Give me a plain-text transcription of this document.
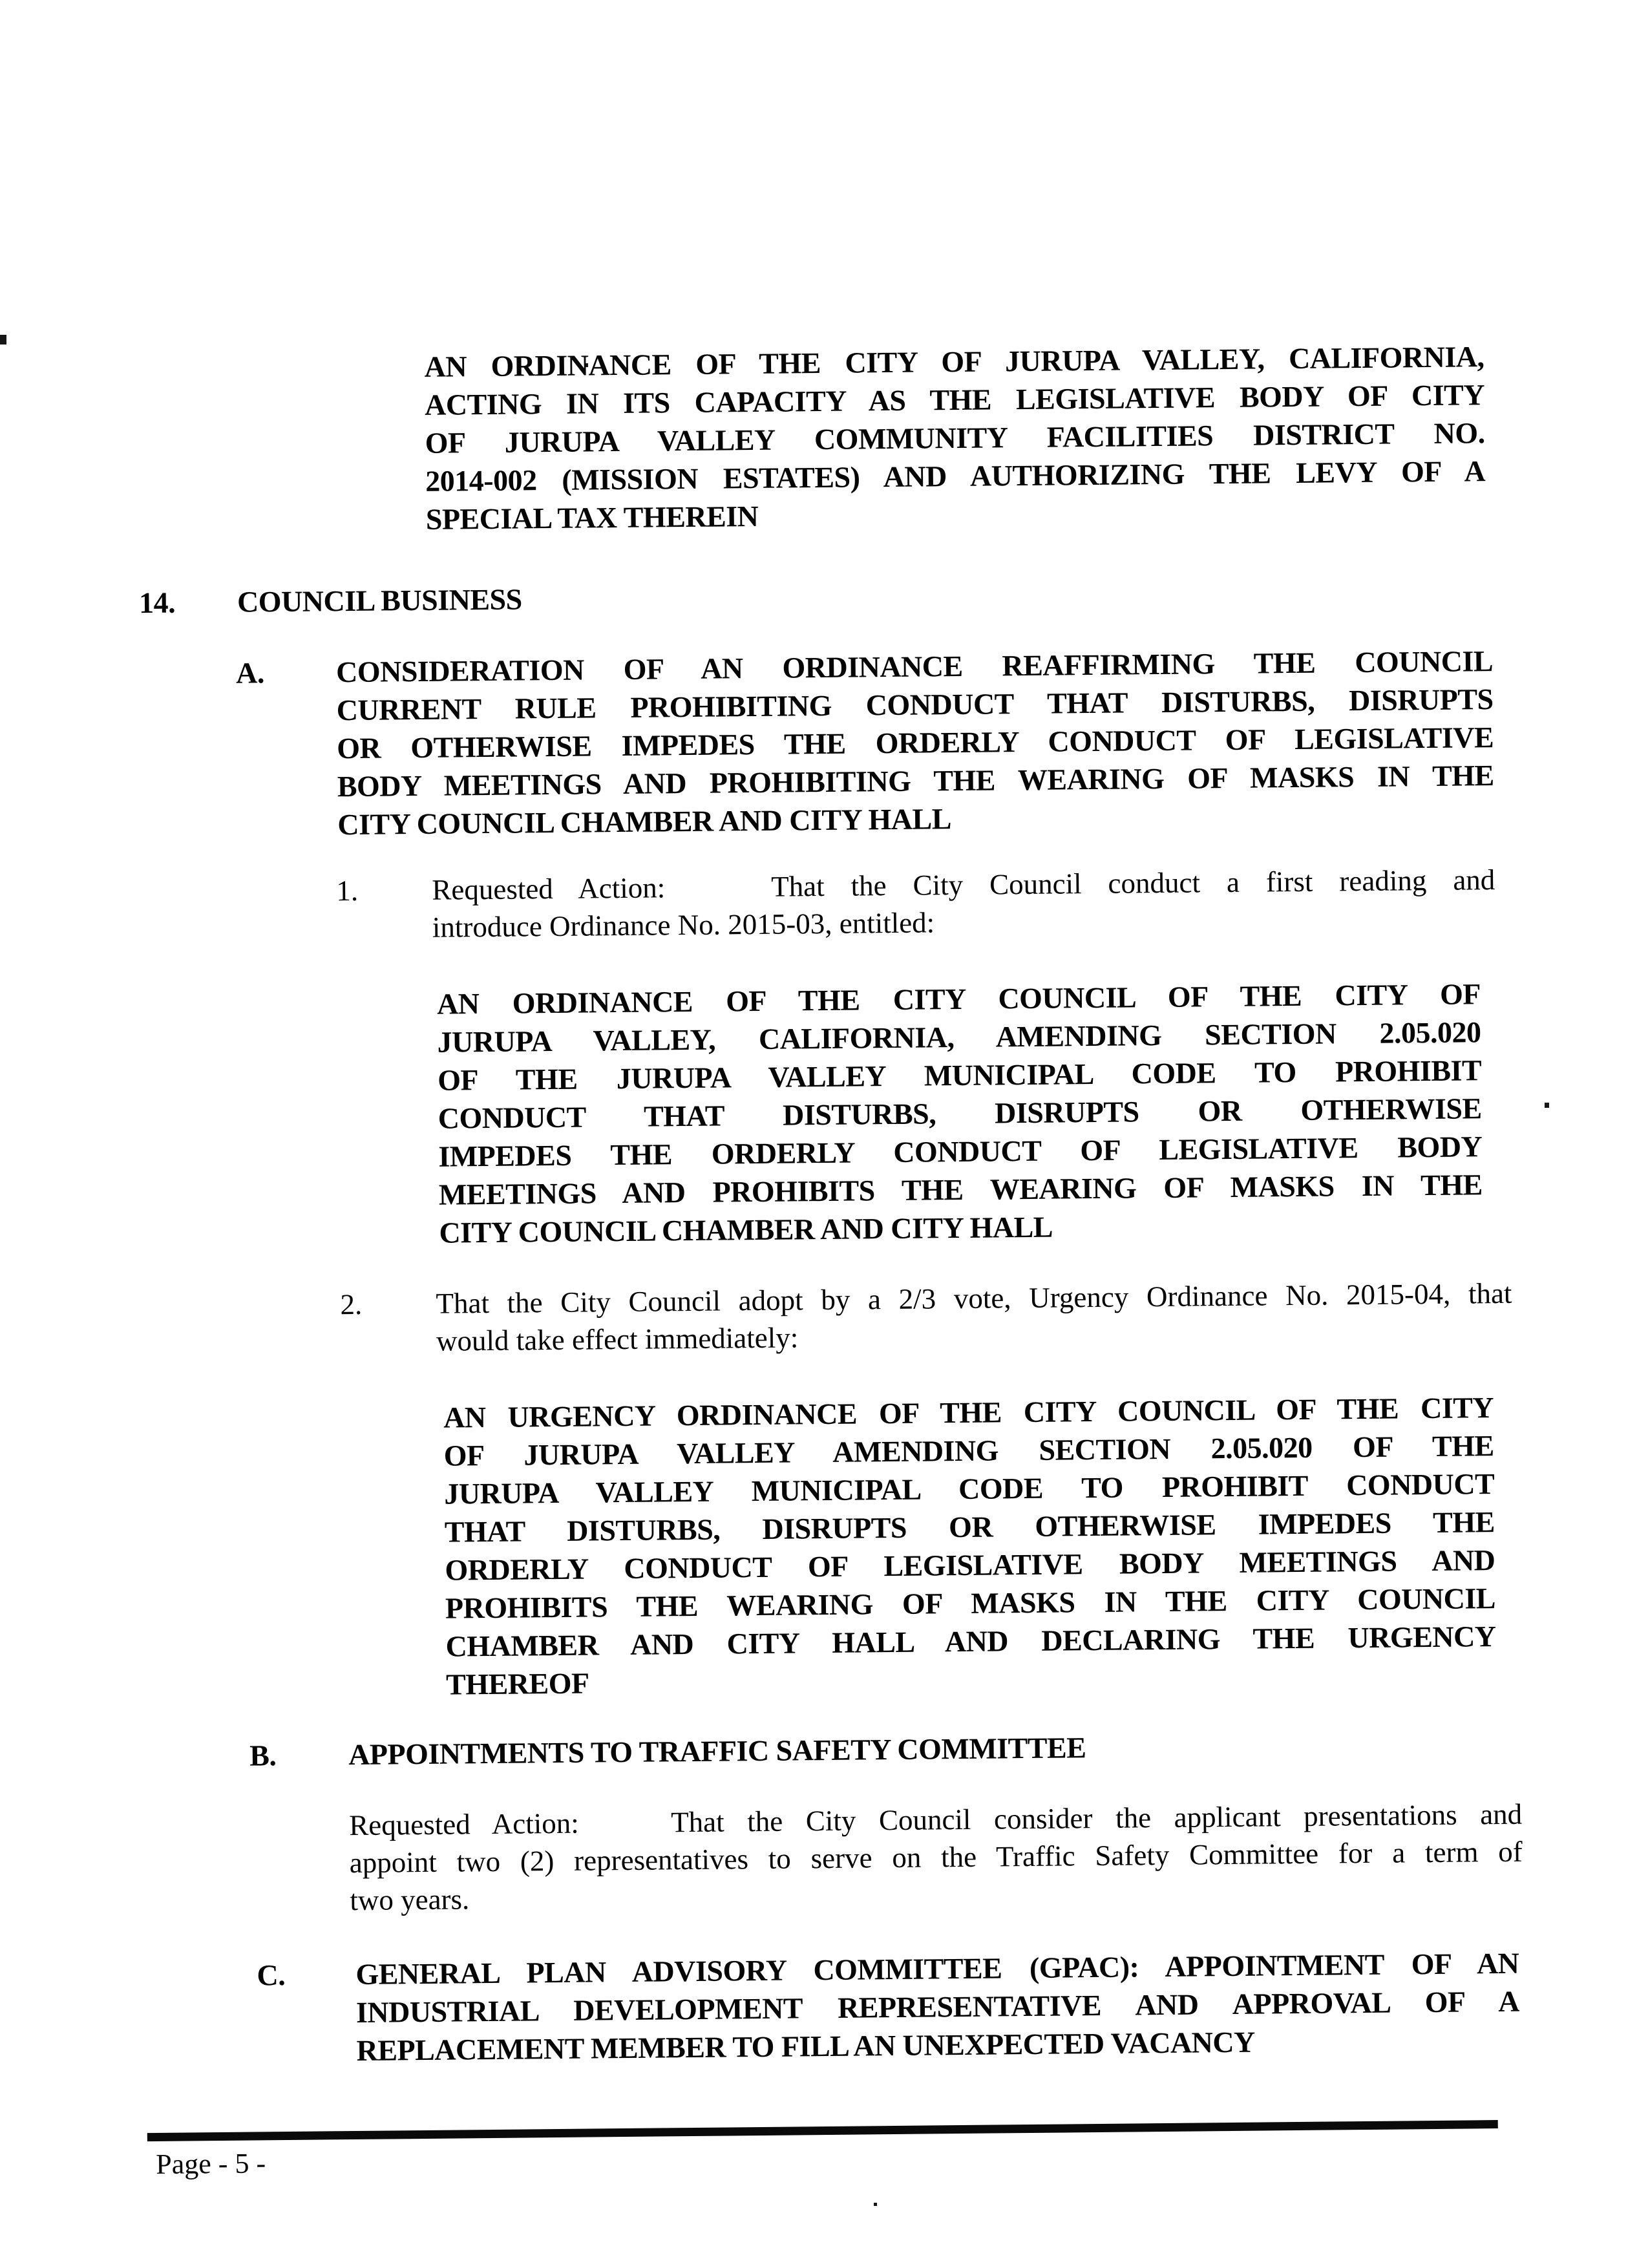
AN ORDINANCE OF THE CITY OF JURUPA VALLEY, CALIFORNIA,
ACTING IN ITS CAPACITY AS THE LEGISLATIVE BODY OF CITY
OF JURUPA VALLEY COMMUNITY FACILITIES DISTRICT NO.
2014-002 (MISSION ESTATES) AND AUTHORIZING THE LEVY OF A
SPECIAL TAX THEREIN
14. COUNCIL BUSINESS
A. CONSIDERATION OF AN ORDINANCE REAFFIRMING THE COUNCIL
CURRENT RULE PROHIBITING CONDUCT THAT DISTURBS, DISRUPTS
OR OTHERWISE IMPEDES THE ORDERLY CONDUCT OF LEGISLATIVE
BODY MEETINGS AND PROHIBITING THE WEARING OF MASKS IN THE
CITY COUNCIL CHAMBER AND CITY HALL
1.	Requested Action:    That the City Council conduct a first reading and
introduce Ordinance No. 2015-03, entitled:
AN ORDINANCE OF THE CITY COUNCIL OF THE CITY OF
JURUPA VALLEY, CALIFORNIA, AMENDING SECTION 2.05.020
OF THE JURUPA VALLEY MUNICIPAL CODE TO PROHIBIT
CONDUCT THAT DISTURBS, DISRUPTS OR OTHERWISE
IMPEDES THE ORDERLY CONDUCT OF LEGISLATIVE BODY
MEETINGS AND PROHIBITS THE WEARING OF MASKS IN THE
CITY COUNCIL CHAMBER AND CITY HALL
2.	That the City Council adopt by a 2/3 vote, Urgency Ordinance No. 2015-04, that
would take effect immediately:
AN URGENCY ORDINANCE OF THE CITY COUNCIL OF THE CITY
OF JURUPA VALLEY AMENDING SECTION 2.05.020 OF THE
JURUPA VALLEY MUNICIPAL CODE TO PROHIBIT CONDUCT
THAT DISTURBS, DISRUPTS OR OTHERWISE IMPEDES THE
ORDERLY CONDUCT OF LEGISLATIVE BODY MEETINGS AND
PROHIBITS THE WEARING OF MASKS IN THE CITY COUNCIL
CHAMBER AND CITY HALL AND DECLARING THE URGENCY
THEREOF
B. APPOINTMENTS TO TRAFFIC SAFETY COMMITTEE
Requested Action:    That the City Council consider the applicant presentations and
appoint two (2) representatives to serve on the Traffic Safety Committee for a term of
two years.
C. GENERAL PLAN ADVISORY COMMITTEE (GPAC): APPOINTMENT OF AN
INDUSTRIAL DEVELOPMENT REPRESENTATIVE AND APPROVAL OF A
REPLACEMENT MEMBER TO FILL AN UNEXPECTED VACANCY
Page - 5 -
